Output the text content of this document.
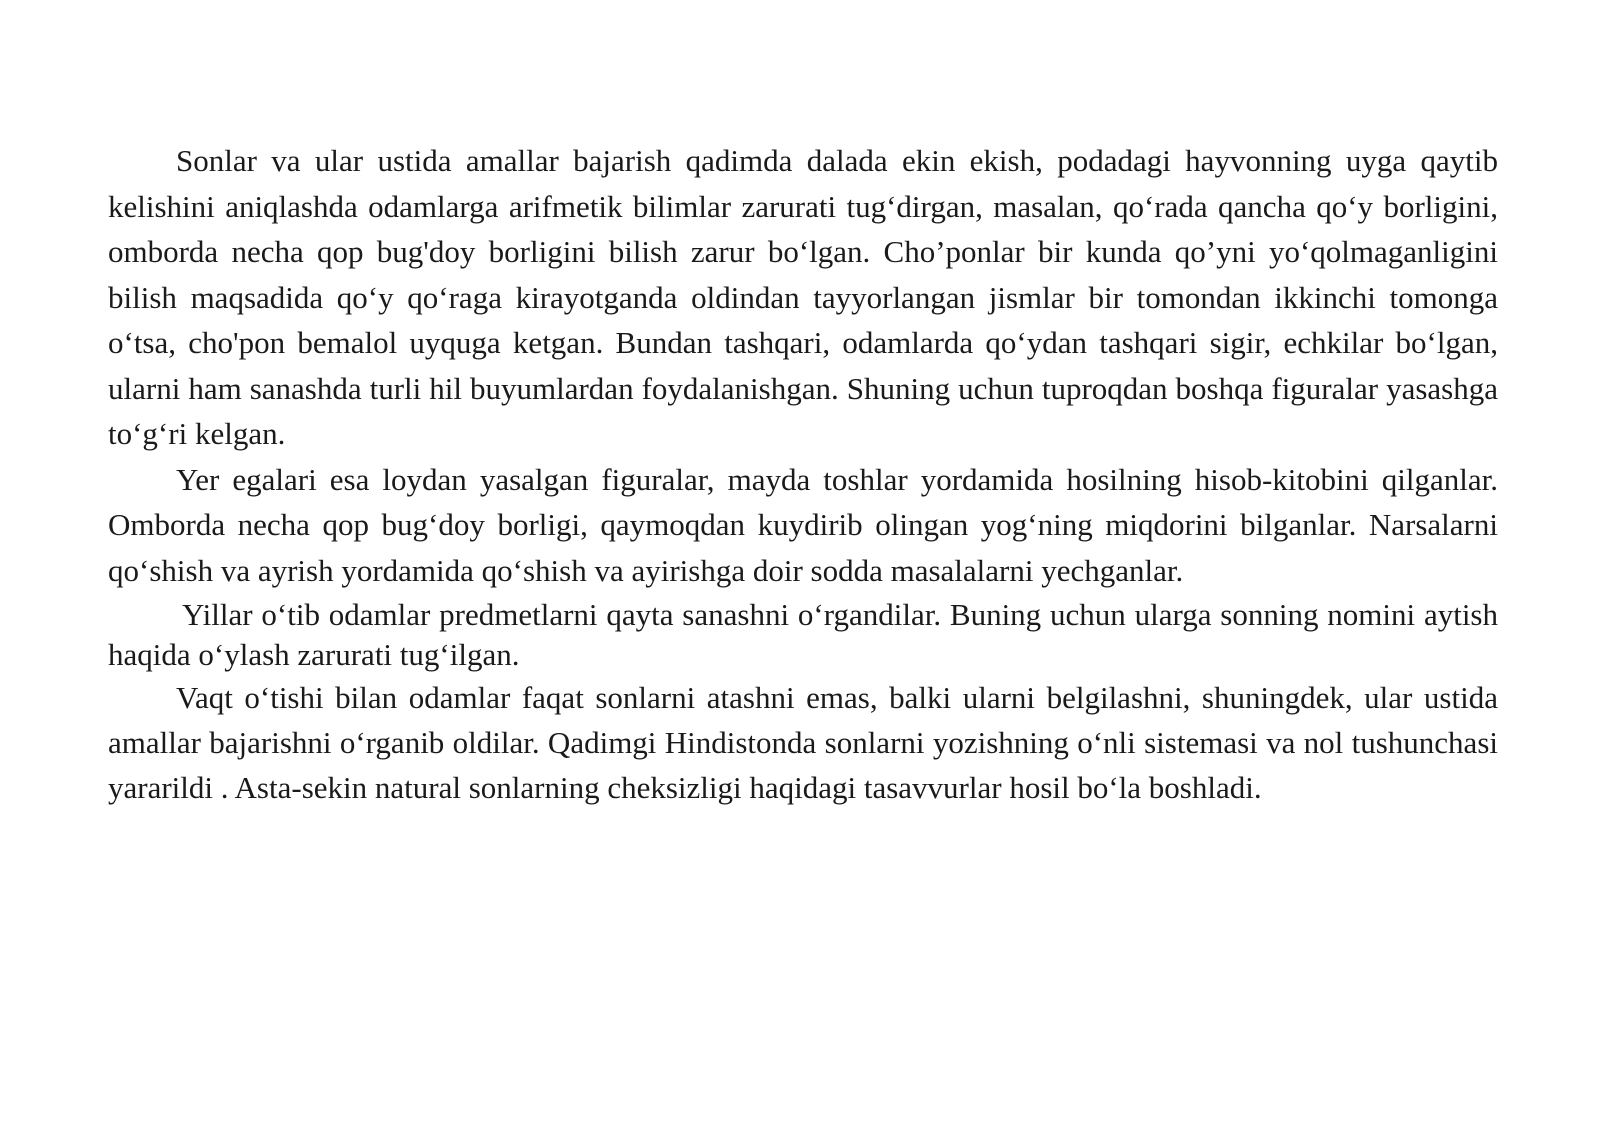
Sonlar va ular ustida amallar bajarish qadimda dalada ekin ekish, podadagi hayvonning uyga qaytib kelishini aniqlashda odamlarga arifmetik bilimlar zarurati tug‘dirgan, masalan, qo‘rada qancha qo‘y borligini, omborda necha qop bug'doy borligini bilish zarur bo‘lgan. Cho’ponlar bir kunda qo’yni yo‘qolmaganligini bilish maqsadida qo‘y qo‘raga kirayotganda oldindan tayyorlangan jismlar bir tomondan ikkinchi tomonga o‘tsa, cho'pon bemalol uyquga ketgan. Bundan tashqari, odamlarda qo‘ydan tashqari sigir, echkilar bo‘lgan, ularni ham sanashda turli hil buyumlardan foydalanishgan. Shuning uchun tuproqdan boshqa figuralar yasashga to‘g‘ri kelgan.

Yer egalari esa loydan yasalgan figuralar, mayda toshlar yordamida hosilning hisob-kitobini qilganlar. Omborda necha qop bug‘doy borligi, qaymoqdan kuydirib olingan yog‘ning miqdorini bilganlar. Narsalarni qo‘shish va ayrish yordamida qo‘shish va ayirishga doir sodda masalalarni yechganlar.

Yillar o‘tib odamlar predmetlarni qayta sanashni o‘rgandilar. Buning uchun ularga sonning nomini aytish haqida o‘ylash zarurati tug‘ilgan.

Vaqt o‘tishi bilan odamlar faqat sonlarni atashni emas, balki ularni belgilashni, shuningdek, ular ustida amallar bajarishni o‘rganib oldilar. Qadimgi Hindistonda sonlarni yozishning o‘nli sistemasi va nol tushunchasi yararildi . Asta-sekin natural sonlarning cheksizligi haqidagi tasavvurlar hosil bo‘la boshladi.
